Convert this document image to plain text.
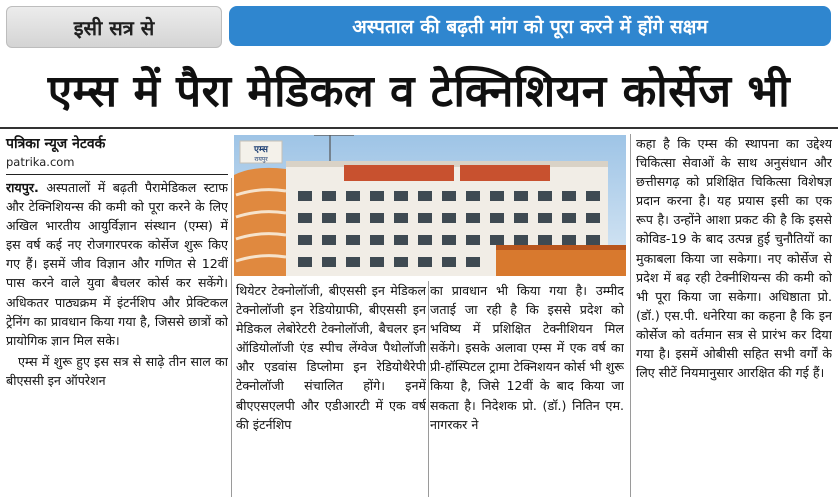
इसी सत्र से	अस्पताल की बढ़ती मांग को पूरा करने में होंगे सक्षम
एम्स में पैरा मेडिकल व टेक्निशियन कोर्सेज भी
पत्रिका न्यूज नेटवर्क
patrika.com
एम्स
रायपुर

रायपुर. अस्पतालों में बढ़ती पैरामेडिकल स्टाफ और टेक्निशियन्स की कमी को पूरा करने के लिए अखिल भारतीय आयुर्विज्ञान संस्थान (एम्स) में इस वर्ष कई नए रोजगारपरक कोर्सेज शुरू किए गए हैं। इसमें जीव विज्ञान और गणित से 12वीं पास करने वाले युवा बैचलर कोर्स कर सकेंगे। अधिकतर पाठ्यक्रम में इंटर्नशिप और प्रेक्टिकल ट्रेनिंग का प्रावधान किया गया है, जिससे छात्रों को प्रायोगिक ज्ञान मिल सके।

एम्स में शुरू हुए इस सत्र से साढ़े तीन साल का बीएससी इन ऑपरेशन

थियेटर टेक्नोलॉजी, बीएससी इन मेडिकल टेक्नोलॉजी इन रेडियोग्राफी, बीएससी इन मेडिकल लेबोरेटरी टेक्नोलॉजी, बैचलर इन ऑडियोलॉजी एंड स्पीच लेंग्वेज पैथोलॉजी और एडवांस डिप्लोमा इन रेडियोथैरेपी टेक्नोलॉजी संचालित होंगे। इनमें बीएएसएलपी और एडीआरटी में एक वर्ष की इंटर्नशिप

का प्रावधान भी किया गया है। उम्मीद जताई जा रही है कि इससे प्रदेश को भविष्य में प्रशिक्षित टेक्नीशियन मिल सकेंगे। इसके अलावा एम्स में एक वर्ष का प्री-हॉस्पिटल ट्रामा टेक्निशयन कोर्स भी शुरू किया है, जिसे 12वीं के बाद किया जा सकता है। निदेशक प्रो. (डॉ.) नितिन एम. नागरकर ने

कहा है कि एम्स की स्थापना का उद्देश्य चिकित्सा सेवाओं के साथ अनुसंधान और छत्तीसगढ़ को प्रशिक्षित चिकित्सा विशेषज्ञ प्रदान करना है। यह प्रयास इसी का एक रूप है। उन्होंने आशा प्रकट की है कि इससे कोविड-19 के बाद उत्पन्न हुई चुनौतियों का मुकाबला किया जा सकेगा। नए कोर्सेज से प्रदेश में बढ़ रही टेक्नीशियन्स की कमी को भी पूरा किया जा सकेगा। अधिष्ठाता प्रो. (डॉ.) एस.पी. धनेरिया का कहना है कि इन कोर्सेज को वर्तमान सत्र से प्रारंभ कर दिया गया है। इसमें ओबीसी सहित सभी वर्गों के लिए सीटें नियमानुसार आरक्षित की गई हैं।
